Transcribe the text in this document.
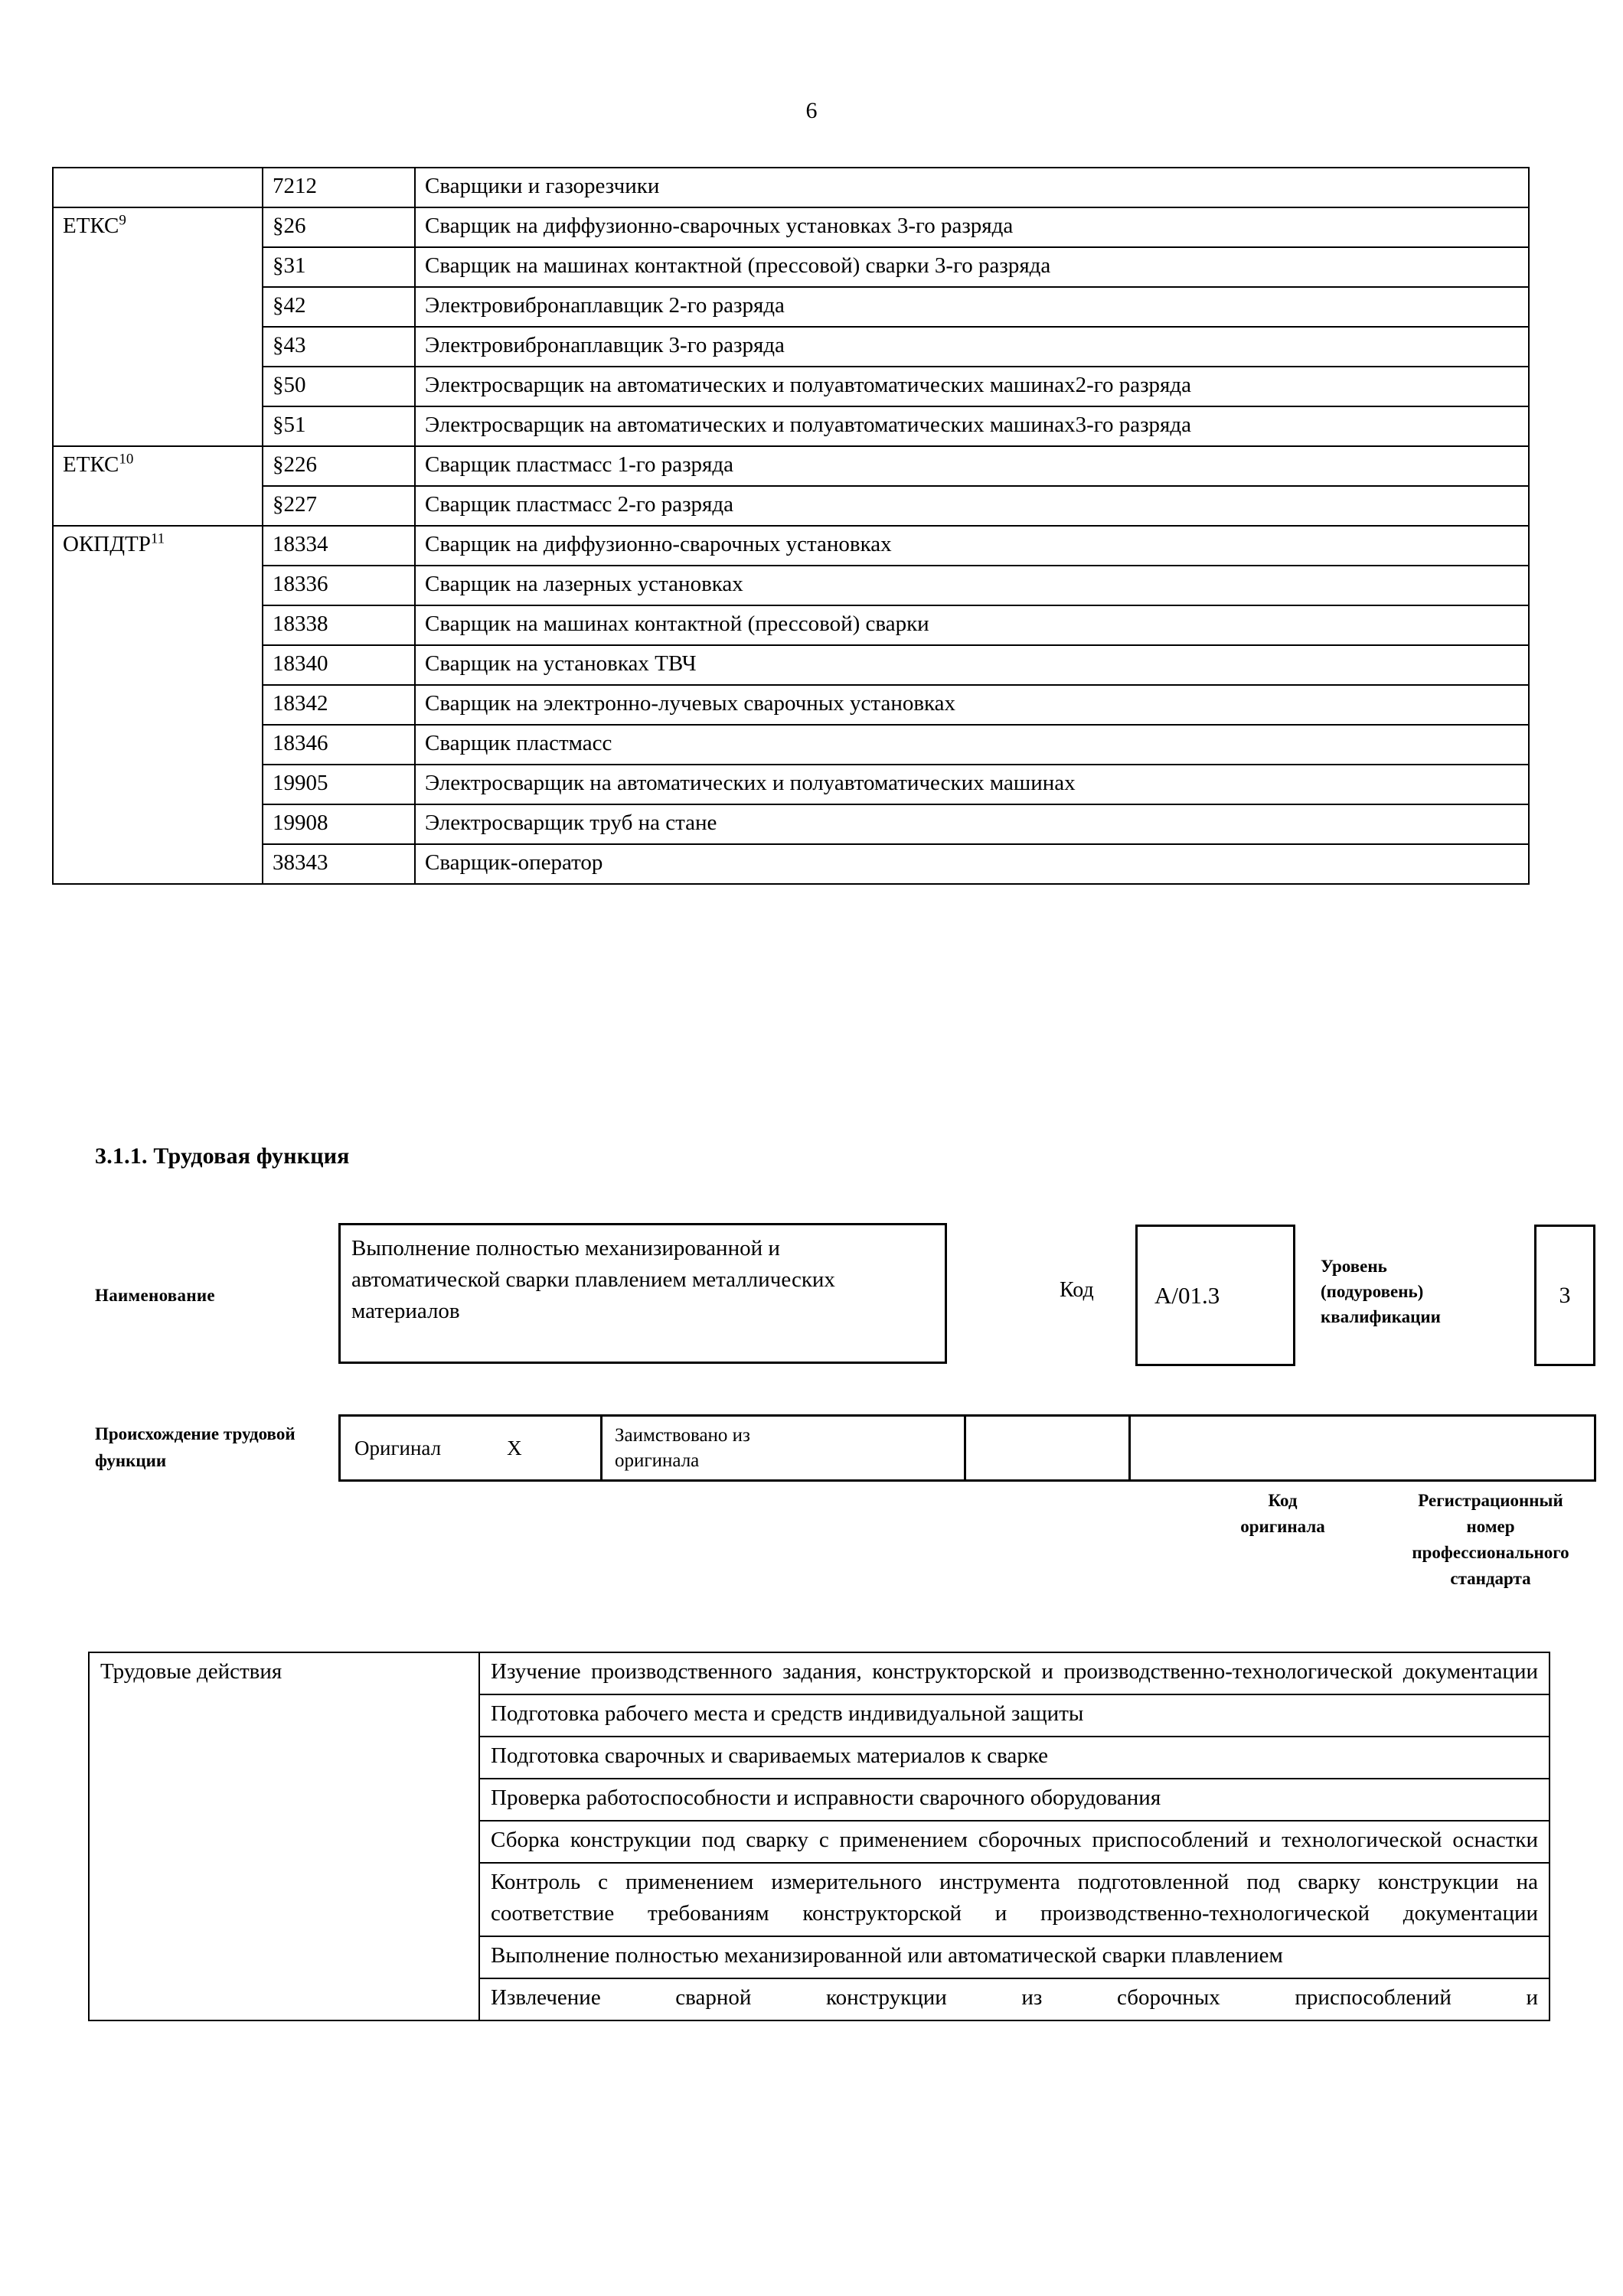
6
	7212	Сварщики и газорезчики
ЕТКС$^9$	§26	Сварщик на диффузионно-сварочных установках 3-го разряда
	§31	Сварщик на машинах контактной (прессовой) сварки 3-го разряда
	§42	Электровибронаплавщик 2-го разряда
	§43	Электровибронаплавщик 3-го разряда
	§50	Электросварщик на автоматических и полуавтоматических машинах2-го разряда
	§51	Электросварщик на автоматических и полуавтоматических машинах3-го разряда
ЕТКС$^{10}$	§226	Сварщик пластмасс 1-го разряда
	§227	Сварщик пластмасс 2-го разряда
ОКПДТР$^{11}$	18334	Сварщик на диффузионно-сварочных установках
	18336	Сварщик на лазерных установках
	18338	Сварщик на машинах контактной (прессовой) сварки
	18340	Сварщик на установках ТВЧ
	18342	Сварщик на электронно-лучевых сварочных установках
	18346	Сварщик пластмасс
	19905	Электросварщик на автоматических и полуавтоматических машинах
	19908	Электросварщик труб на стане
	38343	Сварщик-оператор
3.1.1. Трудовая функция
Наименование
Выполнение полностью механизированной и автоматической сварки плавлением металлических материалов
Код	A/01.3
Уровень
(подуровень)
квалификации
3
Происхождение трудовой
функции
Оригинал	X
Заимствовано из
оригинала
Код
оригинала
Регистрационный
номер
профессионального
стандарта
Трудовые действия	Изучение производственного задания, конструкторской и производственно-технологической документации
Подготовка рабочего места и средств индивидуальной защиты
Подготовка сварочных и свариваемых материалов к сварке
Проверка работоспособности и исправности сварочного оборудования
Сборка конструкции под сварку с применением сборочных приспособлений и технологической оснастки
Контроль с применением измерительного инструмента подготовленной под сварку конструкции на соответствие требованиям конструкторской и производственно-технологической документации
Выполнение полностью механизированной или автоматической сварки плавлением
Извлечение сварной конструкции из сборочных приспособлений и
